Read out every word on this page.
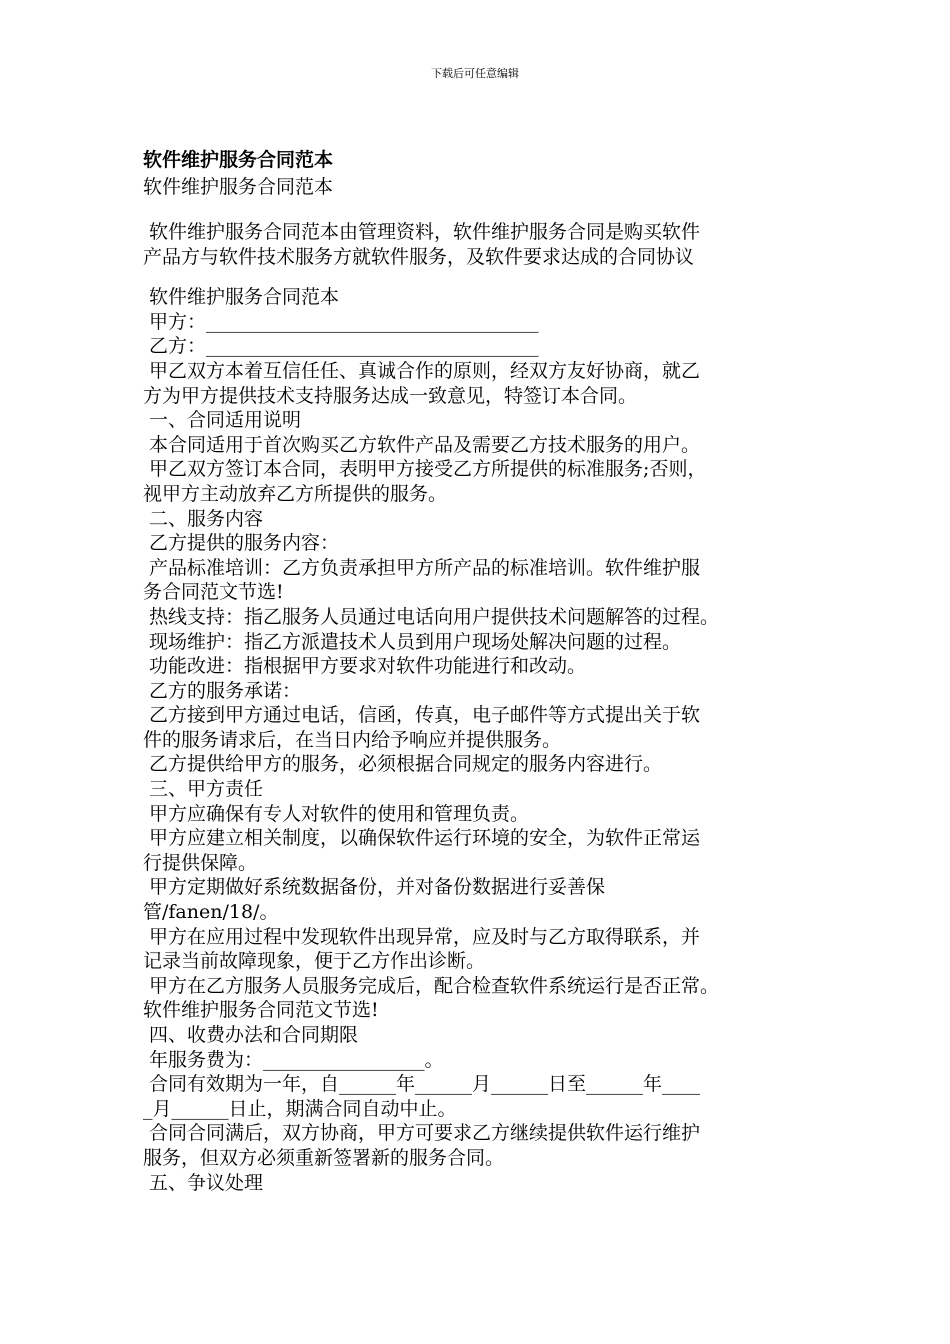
下载后可任意编辑
软件维护服务合同范本
软件维护服务合同范本
软件维护服务合同范本由管理资料，软件维护服务合同是购买软件
产品方与软件技术服务方就软件服务，及软件要求达成的合同协议
软件维护服务合同范本
甲方：___________________________________
乙方：___________________________________
甲乙双方本着互信任任、真诚合作的原则，经双方友好协商，就乙
方为甲方提供技术支持服务达成一致意见，特签订本合同。
一、合同适用说明
本合同适用于首次购买乙方软件产品及需要乙方技术服务的用户。
甲乙双方签订本合同，表明甲方接受乙方所提供的标准服务;否则，
视甲方主动放弃乙方所提供的服务。
二、服务内容
乙方提供的服务内容：
产品标准培训：乙方负责承担甲方所产品的标准培训。软件维护服
务合同范文节选!
热线支持：指乙服务人员通过电话向用户提供技术问题解答的过程。
现场维护：指乙方派遣技术人员到用户现场处解决问题的过程。
功能改进：指根据甲方要求对软件功能进行和改动。
乙方的服务承诺：
乙方接到甲方通过电话，信函，传真，电子邮件等方式提出关于软
件的服务请求后，在当日内给予响应并提供服务。
乙方提供给甲方的服务，必须根据合同规定的服务内容进行。
三、甲方责任
甲方应确保有专人对软件的使用和管理负责。
甲方应建立相关制度，以确保软件运行环境的安全，为软件正常运
行提供保障。
甲方定期做好系统数据备份，并对备份数据进行妥善保
管/fanen/18/。
甲方在应用过程中发现软件出现异常，应及时与乙方取得联系，并
记录当前故障现象，便于乙方作出诊断。
甲方在乙方服务人员服务完成后，配合检查软件系统运行是否正常。
软件维护服务合同范文节选!
四、收费办法和合同期限
年服务费为：_________________。
合同有效期为一年，自______年______月______日至______年____
_月______日止，期满合同自动中止。
合同合同满后，双方协商，甲方可要求乙方继续提供软件运行维护
服务，但双方必须重新签署新的服务合同。
五、争议处理
